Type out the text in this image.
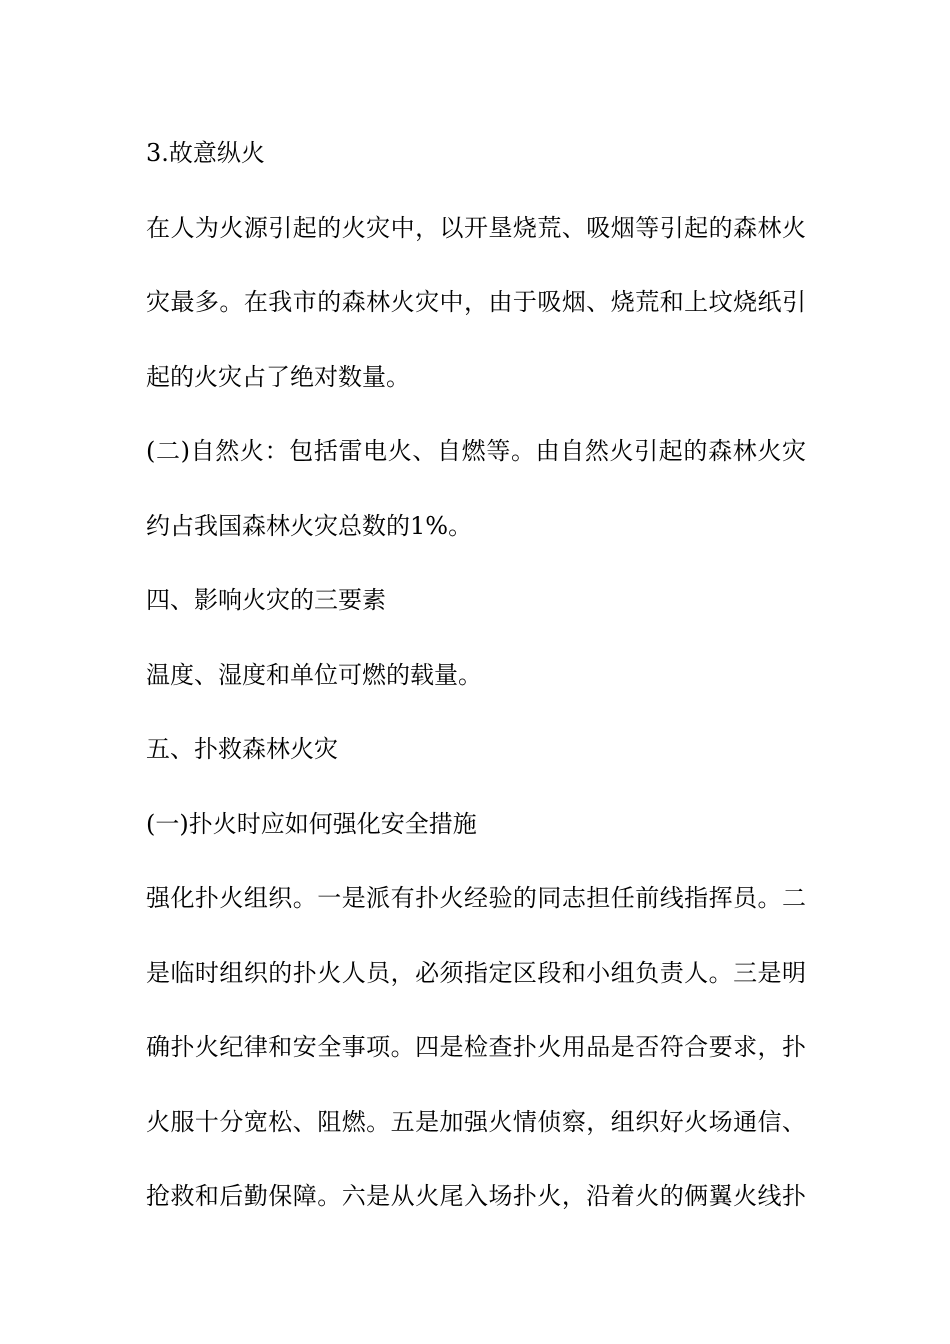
3.故意纵火
在人为火源引起的火灾中，以开垦烧荒、吸烟等引起的森林火
灾最多。在我市的森林火灾中，由于吸烟、烧荒和上坟烧纸引
起的火灾占了绝对数量。
(二)自然火：包括雷电火、自燃等。由自然火引起的森林火灾
约占我国森林火灾总数的1%。
四、影响火灾的三要素
温度、湿度和单位可燃的载量。
五、扑救森林火灾
(一)扑火时应如何强化安全措施
强化扑火组织。一是派有扑火经验的同志担任前线指挥员。二
是临时组织的扑火人员，必须指定区段和小组负责人。三是明
确扑火纪律和安全事项。四是检查扑火用品是否符合要求，扑
火服十分宽松、阻燃。五是加强火情侦察，组织好火场通信、
抢救和后勤保障。六是从火尾入场扑火，沿着火的俩翼火线扑
